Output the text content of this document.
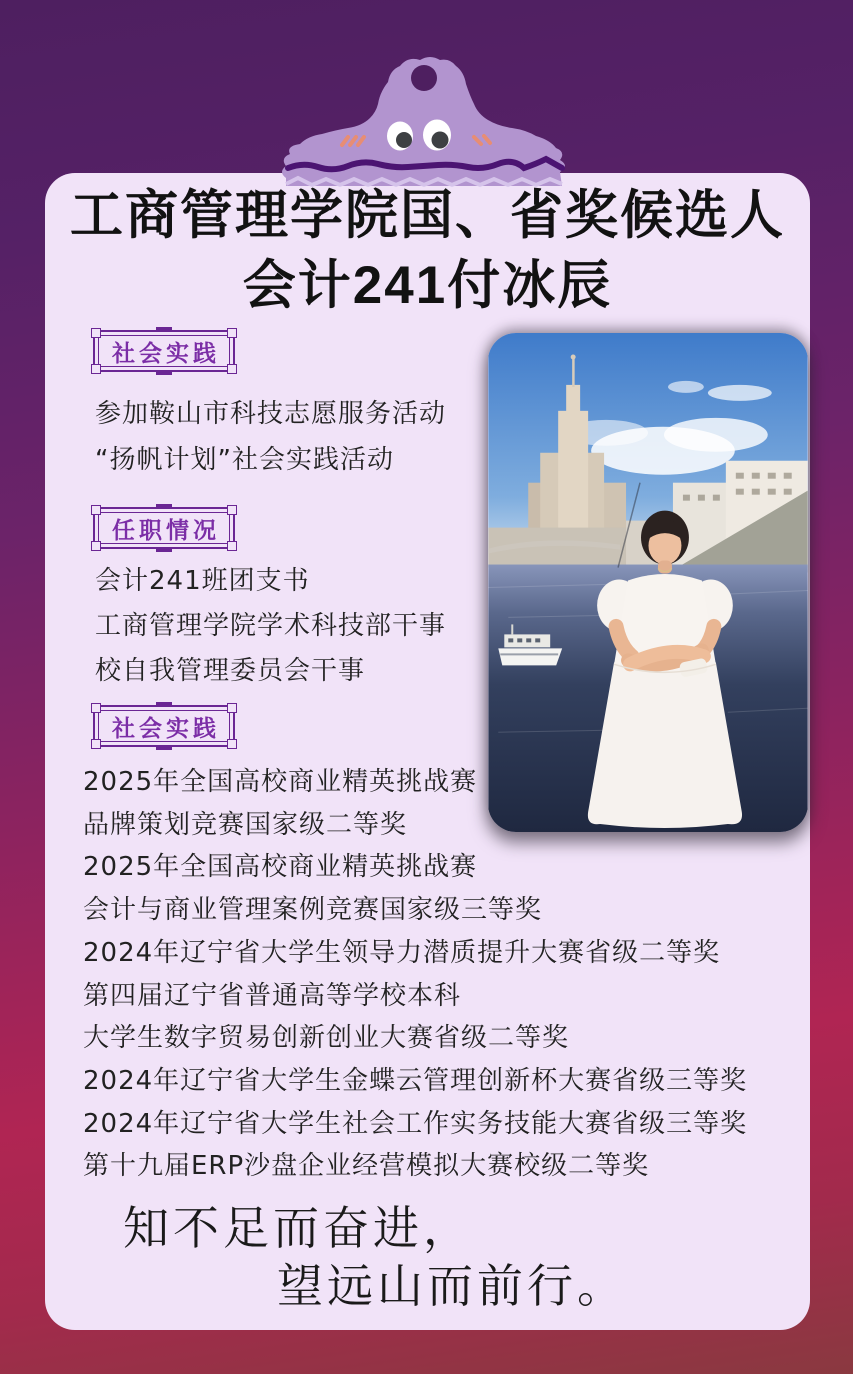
工商管理学院国、省奖候选人
会计241付冰辰
社会实践
参加鞍山市科技志愿服务活动
“扬帆计划”社会实践活动
任职情况
会计241班团支书
工商管理学院学术科技部干事
校自我管理委员会干事
社会实践
2025年全国高校商业精英挑战赛
品牌策划竞赛国家级二等奖
2025年全国高校商业精英挑战赛
会计与商业管理案例竞赛国家级三等奖
2024年辽宁省大学生领导力潜质提升大赛省级二等奖
第四届辽宁省普通高等学校本科
大学生数字贸易创新创业大赛省级二等奖
2024年辽宁省大学生金蝶云管理创新杯大赛省级三等奖
2024年辽宁省大学生社会工作实务技能大赛省级三等奖
第十九届ERP沙盘企业经营模拟大赛校级二等奖
知不足而奋进，
望远山而前行。
